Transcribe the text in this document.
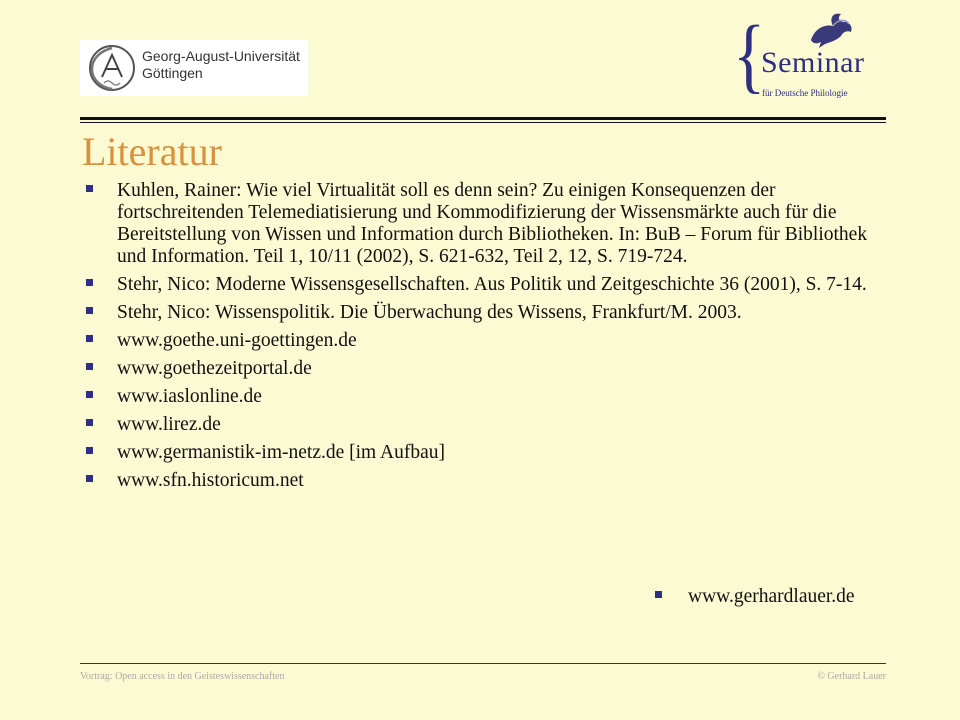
Georg-August-Universität
Göttingen	{
Seminar
für Deutsche Philologie
Literatur
Kuhlen, Rainer: Wie viel Virtualität soll es denn sein? Zu einigen Konsequenzen der fortschreitenden Telemediatisierung und Kommodifizierung der Wissensmärkte auch für die Bereitstellung von Wissen und Information durch Bibliotheken. In: BuB – Forum für Bibliothek und Information. Teil 1, 10/11 (2002), S. 621-632, Teil 2, 12, S. 719-724.
Stehr, Nico: Moderne Wissensgesellschaften. Aus Politik und Zeitgeschichte 36 (2001), S. 7-14.
Stehr, Nico: Wissenspolitik. Die Überwachung des Wissens, Frankfurt/M. 2003.
www.goethe.uni-goettingen.de
www.goethezeitportal.de
www.iaslonline.de
www.lirez.de
www.germanistik-im-netz.de [im Aufbau]
www.sfn.historicum.net
www.gerhardlauer.de
Vortrag: Open access in den Geisteswissenschaften	© Gerhard Lauer
